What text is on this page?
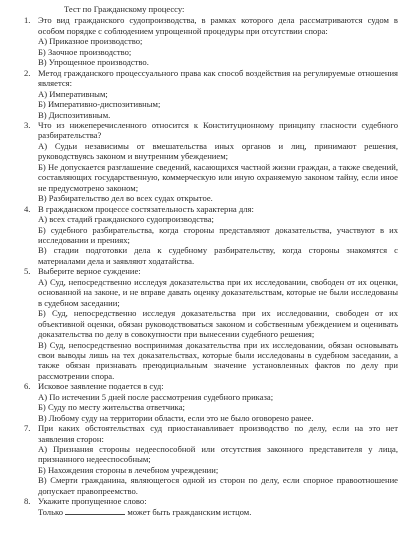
Тест по Гражданскому процессу:
1. Это вид гражданского судопроизводства, в рамках которого дела рассматриваются судом в особом порядке с соблюдением упрощенной процедуры при отсутствии спора:
А) Приказное производство;
Б) Заочное производство;
В) Упрощенное производство.
2. Метод гражданского процессуального права как способ воздействия на регулируемые отношения является:
А) Императивным;
Б) Императивно-диспозитивным;
В) Диспозитивным.
3. Что из нижеперечисленного относится к Конституционному принципу гласности судебного разбирательства?
А) Судьи независимы от вмешательства иных органов и лиц, принимают решения, руководствуясь законом и внутренним убеждением;
Б) Не допускается разглашение сведений, касающихся частной жизни граждан, а также сведений, составляющих государственную, коммерческую или иную охраняемую законом тайну, если иное не предусмотрено законом;
В) Разбирательство дел во всех судах открытое.
4. В гражданском процессе состязательность характерна для:
А) всех стадий гражданского судопроизводства;
Б) судебного разбирательства, когда стороны представляют доказательства, участвуют в их исследовании и прениях;
В) стадии подготовки дела к судебному разбирательству, когда стороны знакомятся с материалами дела и заявляют ходатайства.
5. Выберите верное суждение:
А) Суд, непосредственно исследуя доказательства при их исследовании, свободен от их оценки, основанной на законе, и не вправе давать оценку доказательствам, которые не были исследованы в судебном заседании;
Б) Суд, непосредственно исследуя доказательства при их исследовании, свободен от их объективной оценки, обязан руководствоваться законом и собственным убеждением и оценивать доказательства по делу в совокупности при вынесении судебного решения;
В) Суд, непосредственно воспринимая доказательства при их исследовании, обязан основывать свои выводы лишь на тех доказательствах, которые были исследованы в судебном заседании, а также обязан признавать преюдициальным значение установленных фактов по делу при рассмотрении спора.
6. Исковое заявление подается в суд:
А) По истечении 5 дней после рассмотрения судебного приказа;
Б) Суду по месту жительства ответчика;
В) Любому суду на территории области, если это не было оговорено ранее.
7. При каких обстоятельствах суд приостанавливает производство по делу, если на это нет заявления сторон:
А) Признания стороны недееспособной или отсутствия законного представителя у лица, признанного недееспособным;
Б) Нахождения стороны в лечебном учреждении;
В) Смерти гражданина, являющегося одной из сторон по делу, если спорное правоотношение допускает правопреемство.
8. Укажите пропущенное слово:
Только	может быть гражданским истцом.
